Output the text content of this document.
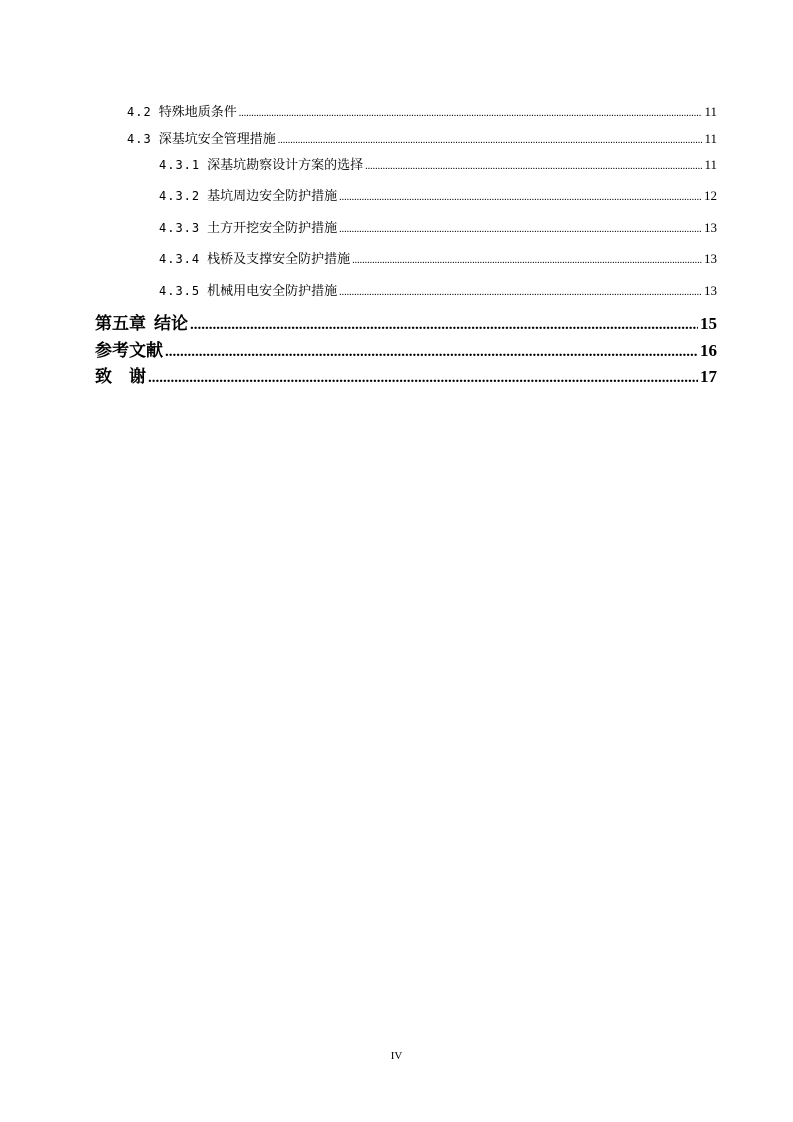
4.2 特殊地质条件 .....	11
4.3 深基坑安全管理措施 .....	11
4.3.1 深基坑勘察设计方案的选择 .....	11
4.3.2 基坑周边安全防护措施 .....	12
4.3.3 土方开挖安全防护措施 .....	13
4.3.4 栈桥及支撑安全防护措施 .....	13
4.3.5 机械用电安全防护措施 .....	13
第五章 结论 .....	15
参考文献 .....	16
致　谢 .....	17
IV
